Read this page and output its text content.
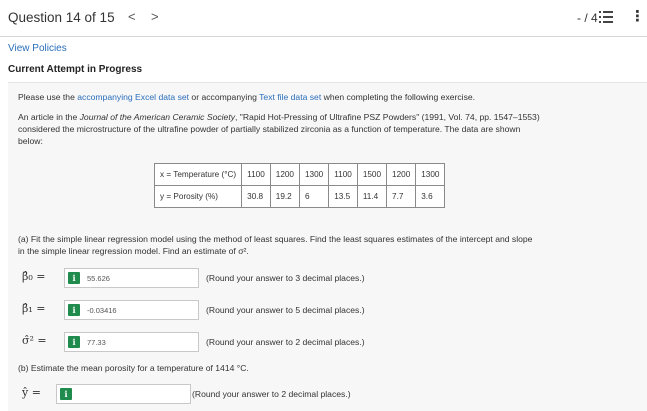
Question 14 of 15 < >	- / 4 ⋮
View Policies
Current Attempt in Progress
Please use the accompanying Excel data set or accompanying Text file data set when completing the following exercise.
An article in the Journal of the American Ceramic Society, "Rapid Hot-Pressing of Ultrafine PSZ Powders" (1991, Vol. 74, pp. 1547–1553)
considered the microstructure of the ultrafine powder of partially stabilized zirconia as a function of temperature. The data are shown
below:
x = Temperature (°C)	1100	1200	1300	1100	1500	1200	1300
y = Porosity (%)	30.8	19.2	6	13.5	11.4	7.7	3.6
(a) Fit the simple linear regression model using the method of least squares. Find the least squares estimates of the intercept and slope
in the simple linear regression model. Find an estimate of σ².
β̂₀ =	i	55.626	(Round your answer to 3 decimal places.)
β̂₁ =	i	-0.03416	(Round your answer to 5 decimal places.)
σ̂² =	i	77.33	(Round your answer to 2 decimal places.)
(b) Estimate the mean porosity for a temperature of 1414 °C.
ŷ =	i	(Round your answer to 2 decimal places.)
